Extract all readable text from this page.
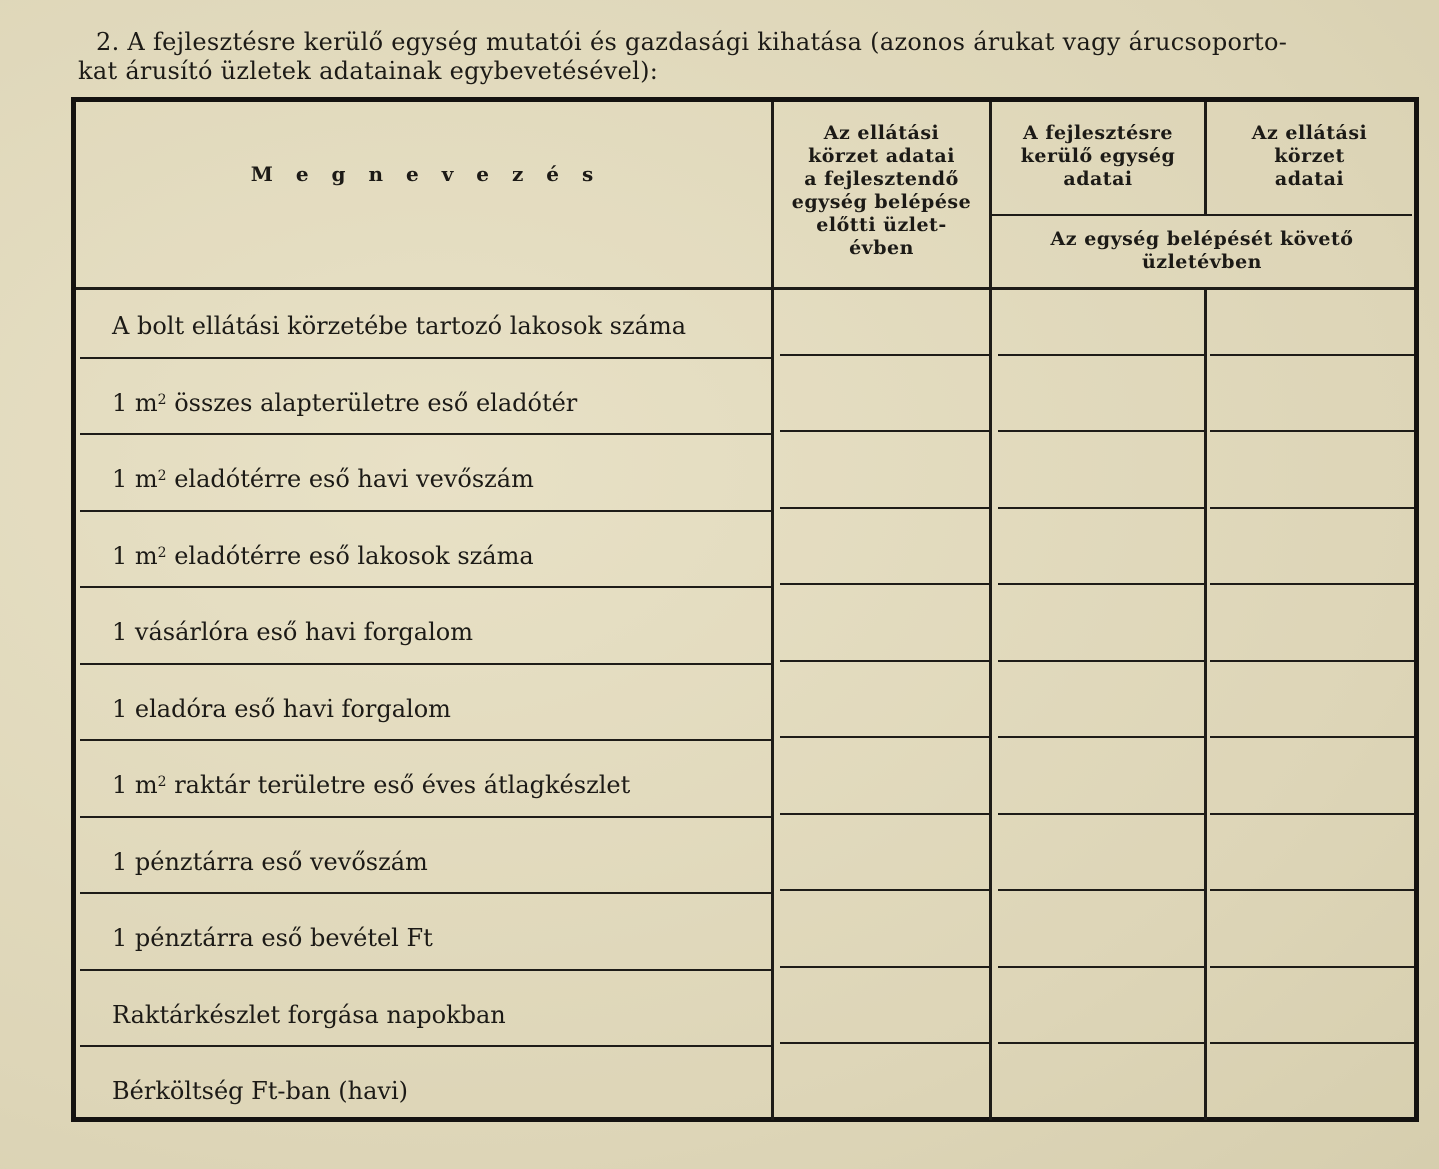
2. A fejlesztésre kerülő egység mutatói és gazdasági kihatása (azonos árukat vagy árucsoporto-

kat árusító üzletek adatainak egybevetésével):

M e g n e v e z é s
Az ellátási
körzet adatai
a fejlesztendő
egység belépése
előtti üzlet-
évben
A fejlesztésre
kerülő egység
adatai
Az ellátási
körzet
adatai
Az egység belépését követő
üzletévben
A bolt ellátási körzetébe tartozó lakosok száma
1 $m^2$ összes alapterületre eső eladótér
1 $m^2$ eladótérre eső havi vevőszám
1 $m^2$ eladótérre eső lakosok száma
1 vásárlóra eső havi forgalom
1 eladóra eső havi forgalom
1 $m^2$ raktár területre eső éves átlagkészlet
1 pénztárra eső vevőszám
1 pénztárra eső bevétel Ft
Raktárkészlet forgása napokban
Bérköltség Ft-ban (havi)
